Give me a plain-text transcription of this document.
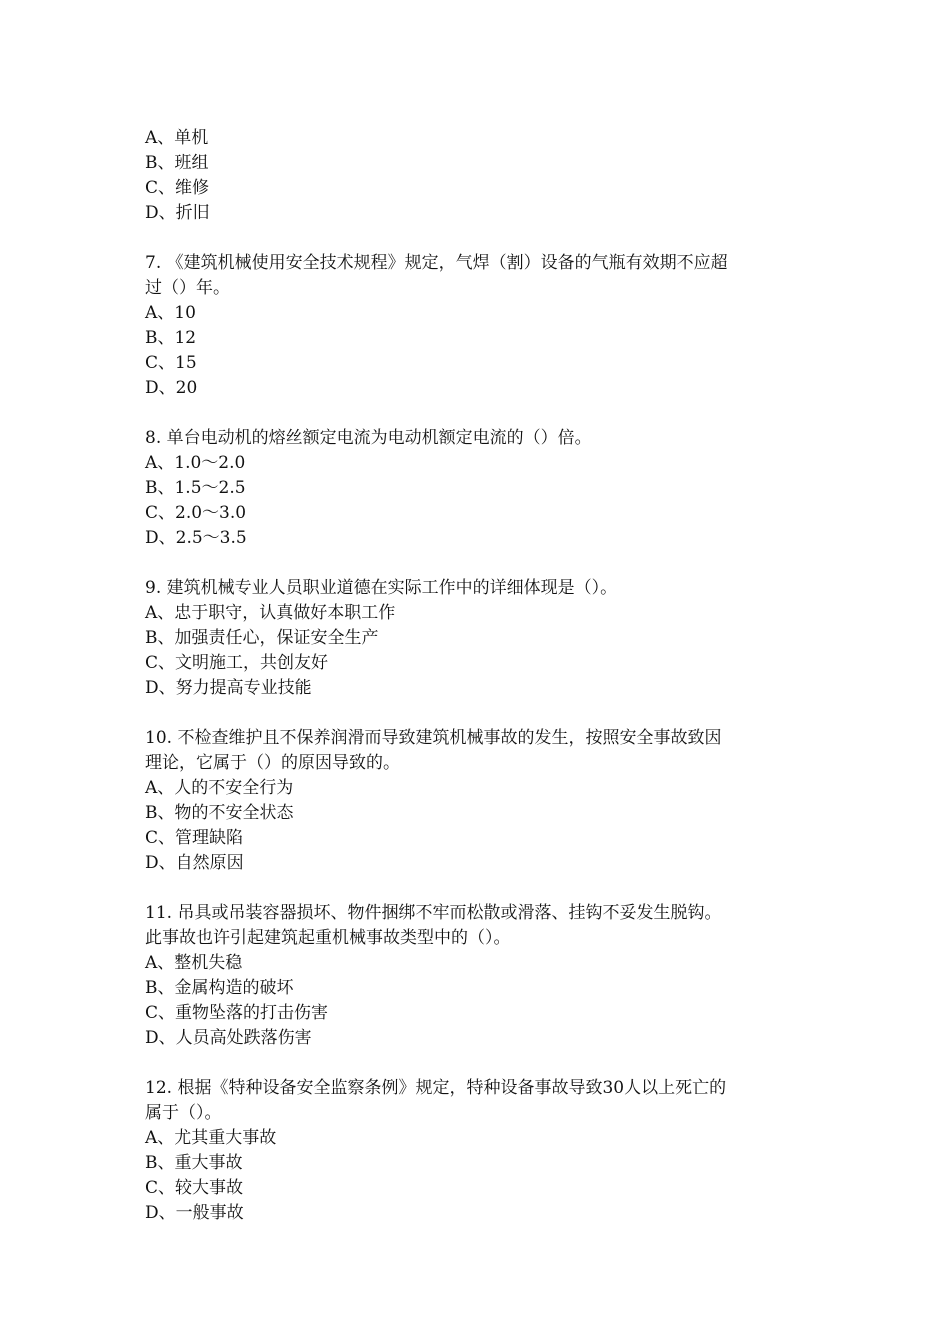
A、单机
B、班组
C、维修
D、折旧
7. 《建筑机械使用安全技术规程》规定，气焊（割）设备的气瓶有效期不应超
过（）年。
A、10
B、12
C、15
D、20
8. 单台电动机的熔丝额定电流为电动机额定电流的（）倍。
A、1.0～2.0
B、1.5～2.5
C、2.0～3.0
D、2.5～3.5
9. 建筑机械专业人员职业道德在实际工作中的详细体现是（）。
A、忠于职守，认真做好本职工作
B、加强责任心，保证安全生产
C、文明施工，共创友好
D、努力提高专业技能
10. 不检查维护且不保养润滑而导致建筑机械事故的发生，按照安全事故致因
理论，它属于（）的原因导致的。
A、人的不安全行为
B、物的不安全状态
C、管理缺陷
D、自然原因
11. 吊具或吊装容器损坏、物件捆绑不牢而松散或滑落、挂钩不妥发生脱钩。
此事故也许引起建筑起重机械事故类型中的（）。
A、整机失稳
B、金属构造的破坏
C、重物坠落的打击伤害
D、人员高处跌落伤害
12. 根据《特种设备安全监察条例》规定，特种设备事故导致30人以上死亡的
属于（）。
A、尤其重大事故
B、重大事故
C、较大事故
D、一般事故
